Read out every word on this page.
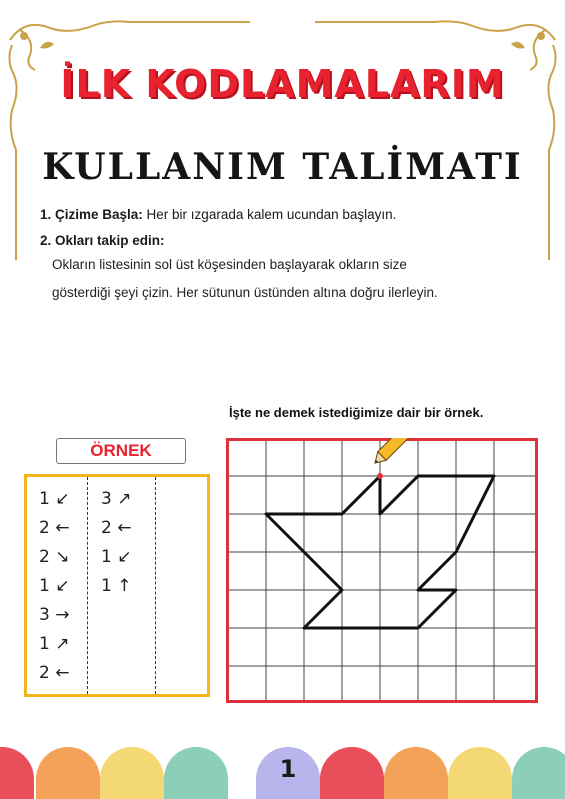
İLK KODLAMALARIM
KULLANIM TALİMATI
1. Çizime Başla: Her bir ızgarada kalem ucundan başlayın.
2. Okları takip edin:
Okların listesinin sol üst köşesinden başlayarak okların size
gösterdiği şeyi çizin. Her sütunun üstünden altına doğru ilerleyin.
İşte ne demek istediğimize dair bir örnek.
ÖRNEK
1 ↙
2 ←
2 ↘
1 ↙
3 →
1 ↗
2 ←
3 ↗
2 ←
1 ↙
1 ↑
1
